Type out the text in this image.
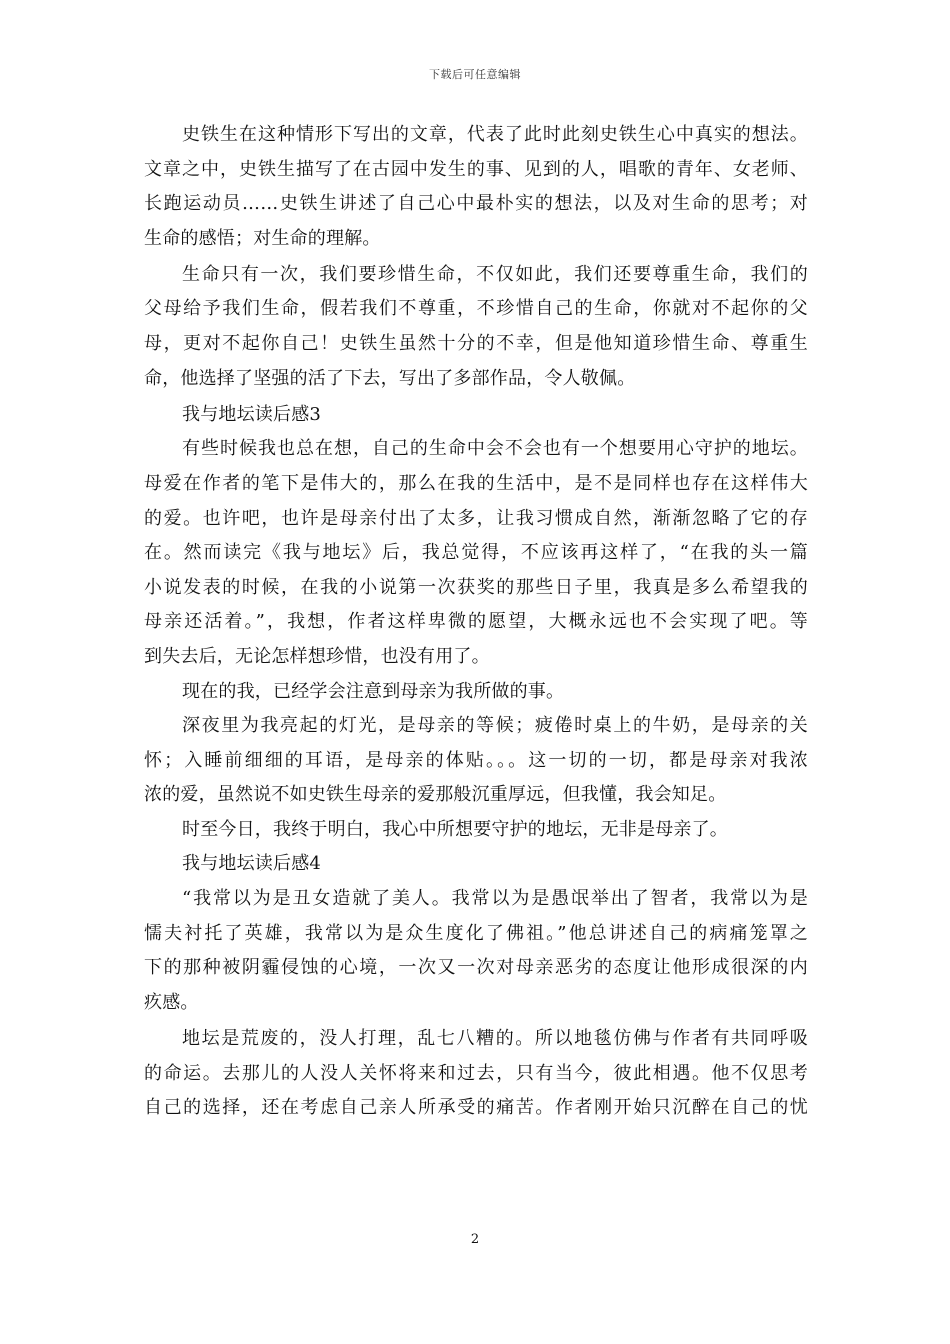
下载后可任意编辑
史铁生在这种情形下写出的文章，代表了此时此刻史铁生心中真实的想法。
文章之中，史铁生描写了在古园中发生的事、见到的人，唱歌的青年、女老师、
长跑运动员……史铁生讲述了自己心中最朴实的想法，以及对生命的思考；对
生命的感悟；对生命的理解。
生命只有一次，我们要珍惜生命，不仅如此，我们还要尊重生命，我们的
父母给予我们生命，假若我们不尊重，不珍惜自己的生命，你就对不起你的父
母，更对不起你自己！史铁生虽然十分的不幸，但是他知道珍惜生命、尊重生
命，他选择了坚强的活了下去，写出了多部作品，令人敬佩。
我与地坛读后感3
有些时候我也总在想，自己的生命中会不会也有一个想要用心守护的地坛。
母爱在作者的笔下是伟大的，那么在我的生活中，是不是同样也存在这样伟大
的爱。也许吧，也许是母亲付出了太多，让我习惯成自然，渐渐忽略了它的存
在。然而读完《我与地坛》后，我总觉得，不应该再这样了，“在我的头一篇
小说发表的时候，在我的小说第一次获奖的那些日子里，我真是多么希望我的
母亲还活着。”，我想，作者这样卑微的愿望，大概永远也不会实现了吧。等
到失去后，无论怎样想珍惜，也没有用了。
现在的我，已经学会注意到母亲为我所做的事。
深夜里为我亮起的灯光，是母亲的等候；疲倦时桌上的牛奶，是母亲的关
怀；入睡前细细的耳语，是母亲的体贴。。。这一切的一切，都是母亲对我浓
浓的爱，虽然说不如史铁生母亲的爱那般沉重厚远，但我懂，我会知足。
时至今日，我终于明白，我心中所想要守护的地坛，无非是母亲了。
我与地坛读后感4
“我常以为是丑女造就了美人。我常以为是愚氓举出了智者，我常以为是
懦夫衬托了英雄，我常以为是众生度化了佛祖。”他总讲述自己的病痛笼罩之
下的那种被阴霾侵蚀的心境，一次又一次对母亲恶劣的态度让他形成很深的内
疚感。
地坛是荒废的，没人打理，乱七八糟的。所以地毯仿佛与作者有共同呼吸
的命运。去那儿的人没人关怀将来和过去，只有当今，彼此相遇。他不仅思考
自己的选择，还在考虑自己亲人所承受的痛苦。作者刚开始只沉醉在自己的忧
2
